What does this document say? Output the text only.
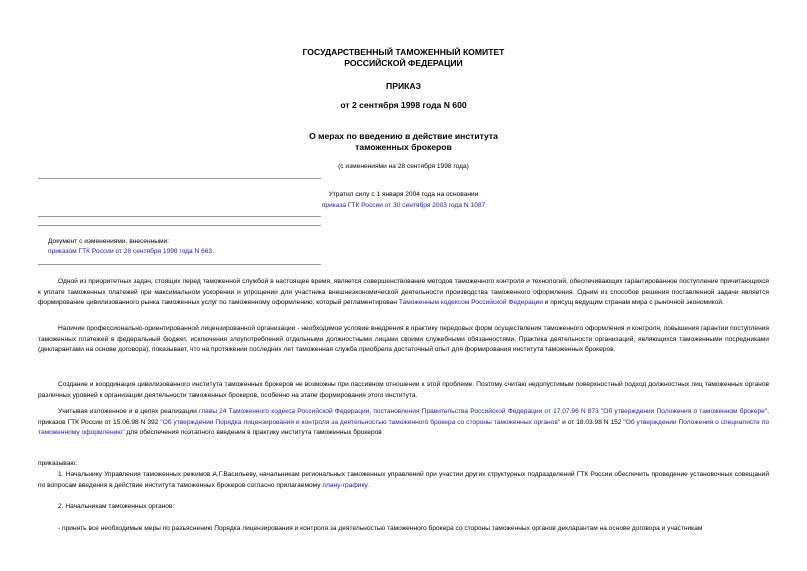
ГОСУДАРСТВЕННЫЙ ТАМОЖЕННЫЙ КОМИТЕТ
РОССИЙСКОЙ ФЕДЕРАЦИИ
ПРИКАЗ
от 2 сентября 1998 года N 600
О мерах по введению в действие института
таможенных брокеров
(с изменениями на 28 сентября 1998 года)
Утратил силу с 1 января 2004 года на основании
приказа ГТК России от 30 сентября 2003 года N 1087
Документ с изменениями, внесенными:
приказом ГТК России от 28 сентября 1998 года N 663.
Одной из приоритетных задач, стоящих перед таможенной службой в настоящее время, является совершенствование методов таможенного контроля и технологий, обеспечивающих гарантированное поступление причитающихся к уплате таможенных платежей при максимальном ускорении и упрощении для участника внешнеэкономической деятельности производства таможенного оформления. Одним из способов решения поставленной задачи является формирование цивилизованного рынка таможенных услуг по таможенному оформлению, который регламентирован Таможенным кодексом Российской Федерации и присущ ведущим странам мира с рыночной экономикой.
Наличие профессионально-ориентированной лицензированной организации - необходимое условие внедрения в практику передовых форм осуществления таможенного оформления и контроля, повышения гарантии поступления таможенных платежей в федеральный бюджет, исключения злоупотреблений отдельными должностными лицами своими служебными обязанностями. Практика деятельности организаций, являющихся таможенными посредниками (декларантами на основе договора), показывает, что на протяжении последних лет таможенная служба приобрела достаточный опыт для формирования института таможенных брокеров.
Создание и координация цивилизованного института таможенных брокеров не возможны при пассивном отношении к этой проблеме. Поэтому считаю недопустимым поверхностный подход должностных лиц таможенных органов различных уровней к организации деятельности таможенных брокеров, особенно на этапе формирования этого института.
Учитывая изложенное и в целях реализации главы 24 Таможенного кодекса Российской Федерации, постановления Правительства Российской Федерации от 17.07.96 N 873 "Об утверждении Положения о таможенном брокере", приказов ГТК России от 15.06.98 N 392 "Об утверждении Порядка лицензирования и контроля за деятельностью таможенного брокера со стороны таможенных органов" и от 18.03.98 N 152 "Об утверждении Положения о специалисте по таможенному оформлению" для обеспечения поэтапного введения в практику института таможенных брокеров
приказываю:
1. Начальнику Управления таможенных режимов А.Г.Васильеву, начальникам региональных таможенных управлений при участии других структурных подразделений ГТК России обеспечить проведение установочных совещаний по вопросам введения в действие института таможенных брокеров согласно прилагаемому плану-графику.
2. Начальникам таможенных органов:
- принять все необходимые меры по разъяснению Порядка лицензирования и контроля за деятельностью таможенного брокера со стороны таможенных органов декларантам на основе договора и участникам
